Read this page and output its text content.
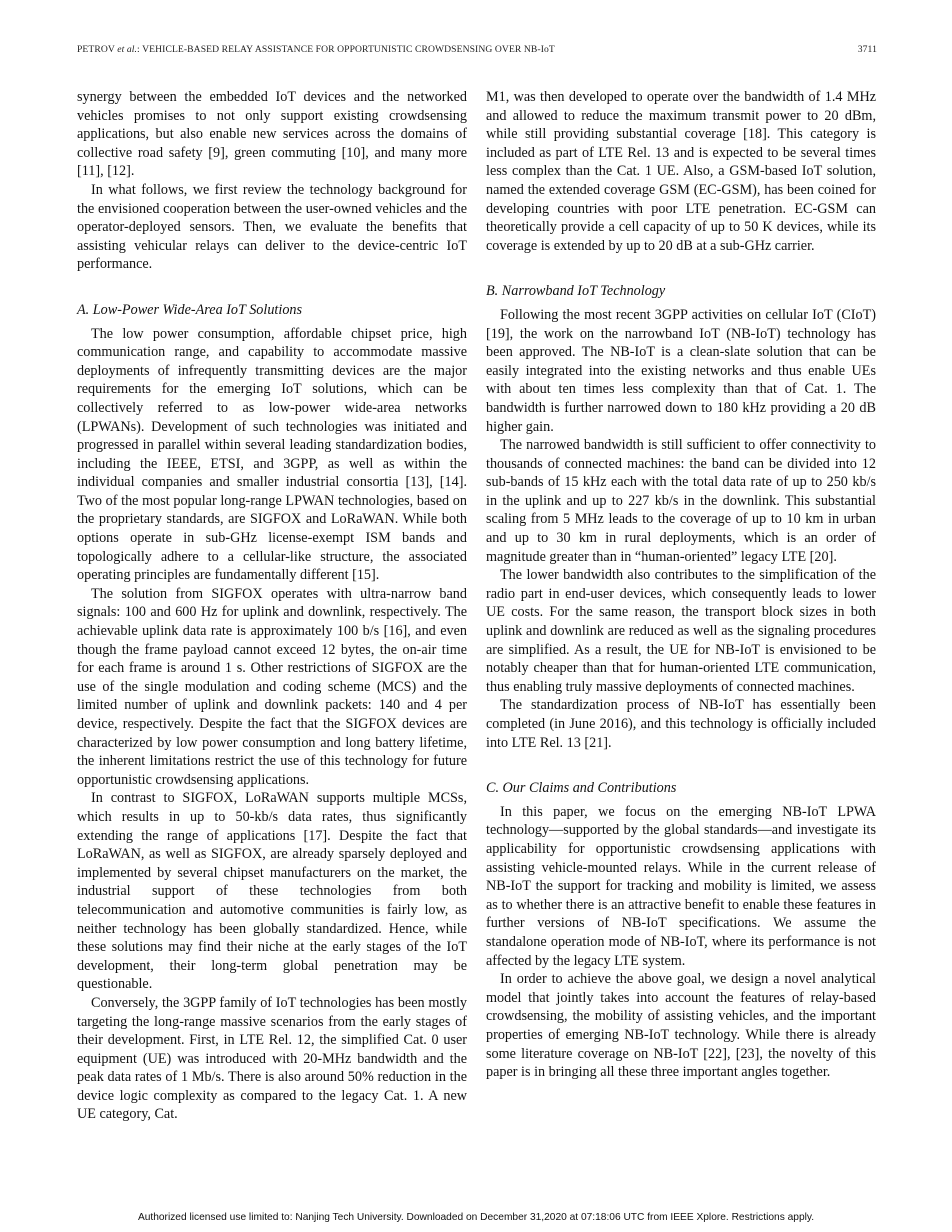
PETROV et al.: VEHICLE-BASED RELAY ASSISTANCE FOR OPPORTUNISTIC CROWDSENSING OVER NB-IoT	3711

synergy between the embedded IoT devices and the networked vehicles promises to not only support existing crowdsensing applications, but also enable new services across the domains of collective road safety [9], green commuting [10], and many more [11], [12].

In what follows, we first review the technology background for the envisioned cooperation between the user-owned vehicles and the operator-deployed sensors. Then, we evaluate the benefits that assisting vehicular relays can deliver to the device-centric IoT performance.

A. Low-Power Wide-Area IoT Solutions

The low power consumption, affordable chipset price, high communication range, and capability to accommodate massive deployments of infrequently transmitting devices are the major requirements for the emerging IoT solutions, which can be collectively referred to as low-power wide-area networks (LPWANs). Development of such technologies was initiated and progressed in parallel within several leading standardization bodies, including the IEEE, ETSI, and 3GPP, as well as within the individual companies and smaller industrial consortia [13], [14]. Two of the most popular long-range LPWAN technologies, based on the proprietary standards, are SIGFOX and LoRaWAN. While both options operate in sub-GHz license-exempt ISM bands and topologically adhere to a cellular-like structure, the associated operating principles are fundamentally different [15].

The solution from SIGFOX operates with ultra-narrow band signals: 100 and 600 Hz for uplink and downlink, respectively. The achievable uplink data rate is approximately 100 b/s [16], and even though the frame payload cannot exceed 12 bytes, the on-air time for each frame is around 1 s. Other restrictions of SIGFOX are the use of the single modulation and coding scheme (MCS) and the limited number of uplink and downlink packets: 140 and 4 per device, respectively. Despite the fact that the SIGFOX devices are characterized by low power consumption and long battery lifetime, the inherent limitations restrict the use of this technology for future opportunistic crowdsensing applications.

In contrast to SIGFOX, LoRaWAN supports multiple MCSs, which results in up to 50-kb/s data rates, thus significantly extending the range of applications [17]. Despite the fact that LoRaWAN, as well as SIGFOX, are already sparsely deployed and implemented by several chipset manufacturers on the market, the industrial support of these technologies from both telecommunication and automotive communities is fairly low, as neither technology has been globally standardized. Hence, while these solutions may find their niche at the early stages of the IoT development, their long-term global penetration may be questionable.

Conversely, the 3GPP family of IoT technologies has been mostly targeting the long-range massive scenarios from the early stages of their development. First, in LTE Rel. 12, the simplified Cat. 0 user equipment (UE) was introduced with 20-MHz bandwidth and the peak data rates of 1 Mb/s. There is also around 50% reduction in the device logic complexity as compared to the legacy Cat. 1. A new UE category, Cat.

M1, was then developed to operate over the bandwidth of 1.4 MHz and allowed to reduce the maximum transmit power to 20 dBm, while still providing substantial coverage [18]. This category is included as part of LTE Rel. 13 and is expected to be several times less complex than the Cat. 1 UE. Also, a GSM-based IoT solution, named the extended coverage GSM (EC-GSM), has been coined for developing countries with poor LTE penetration. EC-GSM can theoretically provide a cell capacity of up to 50 K devices, while its coverage is extended by up to 20 dB at a sub-GHz carrier.

B. Narrowband IoT Technology

Following the most recent 3GPP activities on cellular IoT (CIoT) [19], the work on the narrowband IoT (NB-IoT) technology has been approved. The NB-IoT is a clean-slate solution that can be easily integrated into the existing networks and thus enable UEs with about ten times less complexity than that of Cat. 1. The bandwidth is further narrowed down to 180 kHz providing a 20 dB higher gain.

The narrowed bandwidth is still sufficient to offer connectivity to thousands of connected machines: the band can be divided into 12 sub-bands of 15 kHz each with the total data rate of up to 250 kb/s in the uplink and up to 227 kb/s in the downlink. This substantial scaling from 5 MHz leads to the coverage of up to 10 km in urban and up to 30 km in rural deployments, which is an order of magnitude greater than in “human-oriented” legacy LTE [20].

The lower bandwidth also contributes to the simplification of the radio part in end-user devices, which consequently leads to lower UE costs. For the same reason, the transport block sizes in both uplink and downlink are reduced as well as the signaling procedures are simplified. As a result, the UE for NB-IoT is envisioned to be notably cheaper than that for human-oriented LTE communication, thus enabling truly massive deployments of connected machines.

The standardization process of NB-IoT has essentially been completed (in June 2016), and this technology is officially included into LTE Rel. 13 [21].

C. Our Claims and Contributions

In this paper, we focus on the emerging NB-IoT LPWA technology—supported by the global standards—and investigate its applicability for opportunistic crowdsensing applications with assisting vehicle-mounted relays. While in the current release of NB-IoT the support for tracking and mobility is limited, we assess as to whether there is an attractive benefit to enable these features in further versions of NB-IoT specifications. We assume the standalone operation mode of NB-IoT, where its performance is not affected by the legacy LTE system.

In order to achieve the above goal, we design a novel analytical model that jointly takes into account the features of relay-based crowdsensing, the mobility of assisting vehicles, and the important properties of emerging NB-IoT technology. While there is already some literature coverage on NB-IoT [22], [23], the novelty of this paper is in bringing all these three important angles together.

Authorized licensed use limited to: Nanjing Tech University. Downloaded on December 31,2020 at 07:18:06 UTC from IEEE Xplore. Restrictions apply.
